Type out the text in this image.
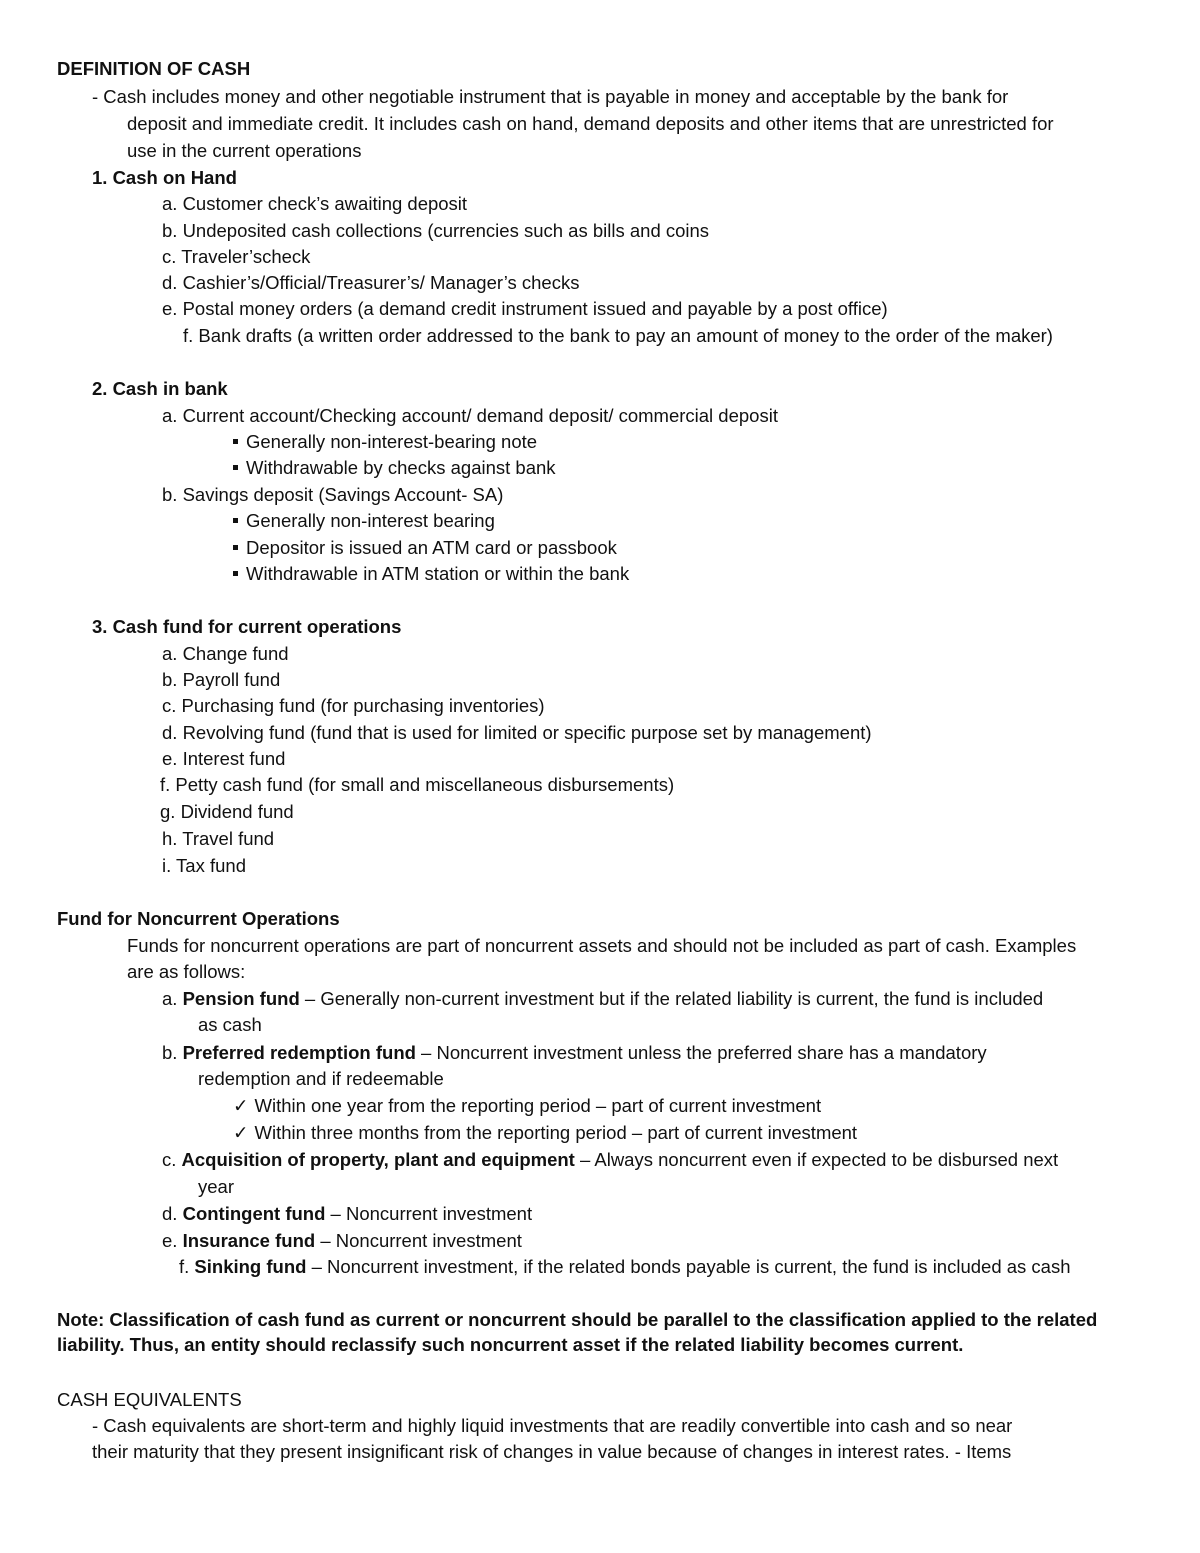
DEFINITION OF CASH
- Cash includes money and other negotiable instrument that is payable in money and acceptable by the bank for
deposit and immediate credit. It includes cash on hand, demand deposits and other items that are unrestricted for
use in the current operations
1. Cash on Hand
a. Customer check’s awaiting deposit
b. Undeposited cash collections (currencies such as bills and coins
c. Traveler’scheck
d. Cashier’s/Official/Treasurer’s/ Manager’s checks
e. Postal money orders (a demand credit instrument issued and payable by a post office)
f. Bank drafts (a written order addressed to the bank to pay an amount of money to the order of the maker)
2. Cash in bank
a. Current account/Checking account/ demand deposit/ commercial deposit
Generally non-interest-bearing note
Withdrawable by checks against bank
b. Savings deposit (Savings Account- SA)
Generally non-interest bearing
Depositor is issued an ATM card or passbook
Withdrawable in ATM station or within the bank
3. Cash fund for current operations
a. Change fund
b. Payroll fund
c. Purchasing fund (for purchasing inventories)
d. Revolving fund (fund that is used for limited or specific purpose set by management)
e. Interest fund
f. Petty cash fund (for small and miscellaneous disbursements)
g. Dividend fund
h. Travel fund
i. Tax fund
Fund for Noncurrent Operations
Funds for noncurrent operations are part of noncurrent assets and should not be included as part of cash. Examples
are as follows:
a. Pension fund – Generally non-current investment but if the related liability is current, the fund is included
as cash
b. Preferred redemption fund – Noncurrent investment unless the preferred share has a mandatory
redemption and if redeemable
✓ Within one year from the reporting period – part of current investment
✓ Within three months from the reporting period – part of current investment
c. Acquisition of property, plant and equipment – Always noncurrent even if expected to be disbursed next
year
d. Contingent fund – Noncurrent investment
e. Insurance fund – Noncurrent investment
f. Sinking fund – Noncurrent investment, if the related bonds payable is current, the fund is included as cash
Note: Classification of cash fund as current or noncurrent should be parallel to the classification applied to the related
liability. Thus, an entity should reclassify such noncurrent asset if the related liability becomes current.
CASH EQUIVALENTS
- Cash equivalents are short-term and highly liquid investments that are readily convertible into cash and so near
their maturity that they present insignificant risk of changes in value because of changes in interest rates. - Items
